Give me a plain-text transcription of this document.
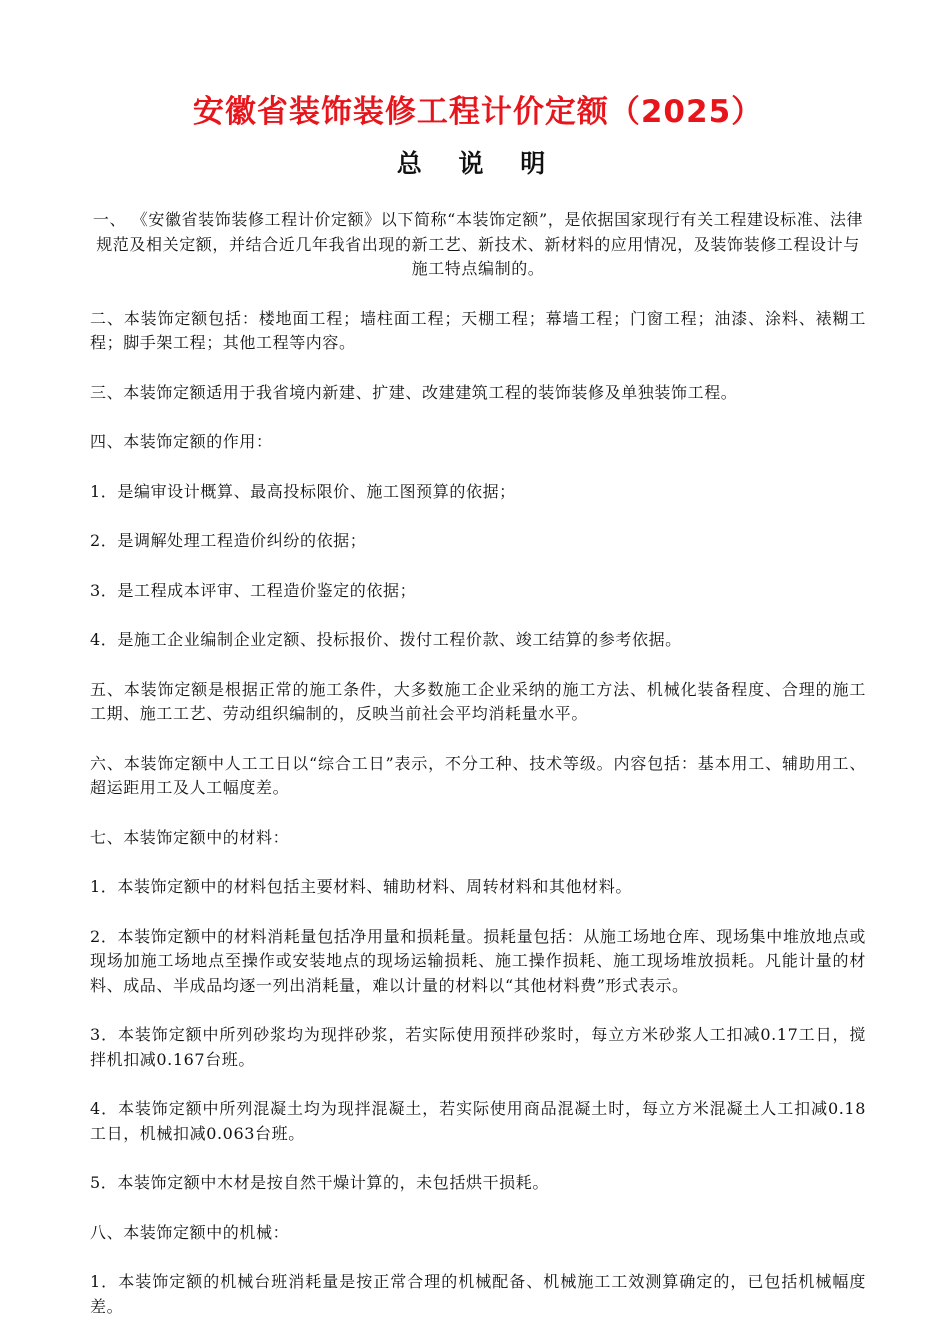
安徽省装饰装修工程计价定额（2025）
总 说 明

一、 《安徽省装饰装修工程计价定额》以下简称“本装饰定额”，是依据国家现行有关工程建设标准、法律规范及相关定额，并结合近几年我省出现的新工艺、新技术、新材料的应用情况，及装饰装修工程设计与施工特点编制的。

二、本装饰定额包括：楼地面工程；墙柱面工程；天棚工程；幕墙工程；门窗工程；油漆、涂料、裱糊工程；脚手架工程；其他工程等内容。

三、本装饰定额适用于我省境内新建、扩建、改建建筑工程的装饰装修及单独装饰工程。

四、本装饰定额的作用：

1．是编审设计概算、最高投标限价、施工图预算的依据；

2．是调解处理工程造价纠纷的依据；

3．是工程成本评审、工程造价鉴定的依据；

4．是施工企业编制企业定额、投标报价、拨付工程价款、竣工结算的参考依据。

五、本装饰定额是根据正常的施工条件，大多数施工企业采纳的施工方法、机械化装备程度、合理的施工工期、施工工艺、劳动组织编制的，反映当前社会平均消耗量水平。

六、本装饰定额中人工工日以“综合工日”表示，不分工种、技术等级。内容包括：基本用工、辅助用工、超运距用工及人工幅度差。

七、本装饰定额中的材料：

1．本装饰定额中的材料包括主要材料、辅助材料、周转材料和其他材料。

2．本装饰定额中的材料消耗量包括净用量和损耗量。损耗量包括：从施工场地仓库、现场集中堆放地点或现场加施工场地点至操作或安装地点的现场运输损耗、施工操作损耗、施工现场堆放损耗。凡能计量的材料、成品、半成品均逐一列出消耗量，难以计量的材料以“其他材料费”形式表示。

3．本装饰定额中所列砂浆均为现拌砂浆，若实际使用预拌砂浆时，每立方米砂浆人工扣减0.17工日，搅拌机扣减0.167台班。

4．本装饰定额中所列混凝土均为现拌混凝土，若实际使用商品混凝土时，每立方米混凝土人工扣减0.18工日，机械扣减0.063台班。

5．本装饰定额中木材是按自然干燥计算的，未包括烘干损耗。

八、本装饰定额中的机械：

1．本装饰定额的机械台班消耗量是按正常合理的机械配备、机械施工工效测算确定的，已包括机械幅度差。
